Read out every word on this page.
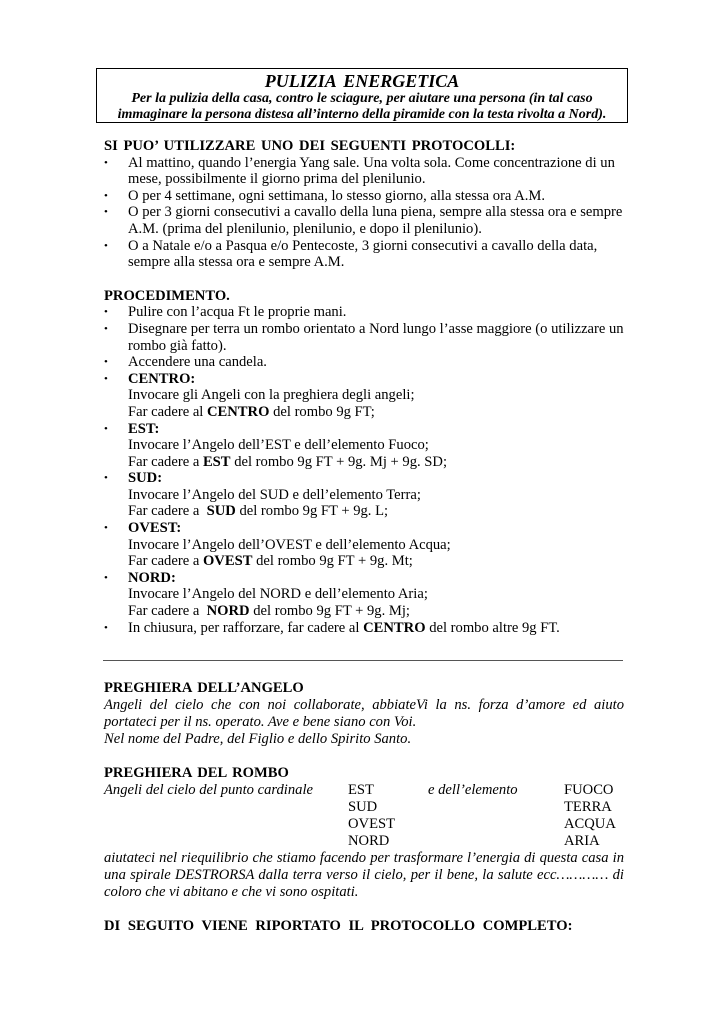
PULIZIA ENERGETICA
Per la pulizia della casa, contro le sciagure, per aiutare una persona (in tal caso
immaginare la persona distesa all’interno della piramide con la testa rivolta a Nord).
SI PUO’ UTILIZZARE UNO DEI SEGUENTI PROTOCOLLI:
• Al mattino, quando l’energia Yang sale. Una volta sola. Come concentrazione di un mese, possibilmente il giorno prima del plenilunio.
• O per 4 settimane, ogni settimana, lo stesso giorno, alla stessa ora A.M.
• O per 3 giorni consecutivi a cavallo della luna piena, sempre alla stessa ora e sempre A.M. (prima del plenilunio, plenilunio, e dopo il plenilunio).
• O a Natale e/o a Pasqua e/o Pentecoste, 3 giorni consecutivi a cavallo della data, sempre alla stessa ora e sempre A.M.
PROCEDIMENTO.
• Pulire con l’acqua Ft le proprie mani.
• Disegnare per terra un rombo orientato a Nord lungo l’asse maggiore (o utilizzare un rombo già fatto).
• Accendere una candela.
• CENTRO:
Invocare gli Angeli con la preghiera degli angeli;
Far cadere al CENTRO del rombo 9g FT;
• EST:
Invocare l’Angelo dell’EST e dell’elemento Fuoco;
Far cadere a EST del rombo 9g FT + 9g. Mj + 9g. SD;
• SUD:
Invocare l’Angelo del SUD e dell’elemento Terra;
Far cadere a  SUD del rombo 9g FT + 9g. L;
• OVEST:
Invocare l’Angelo dell’OVEST e dell’elemento Acqua;
Far cadere a OVEST del rombo 9g FT + 9g. Mt;
• NORD:
Invocare l’Angelo del NORD e dell’elemento Aria;
Far cadere a  NORD del rombo 9g FT + 9g. Mj;
• In chiusura, per rafforzare, far cadere al CENTRO del rombo altre 9g FT.
PREGHIERA DELL’ANGELO
Angeli del cielo che con noi collaborate, abbiateVi la ns. forza d’amore ed aiuto
portateci per il ns. operato. Ave e bene siano con Voi.
Nel nome del Padre, del Figlio e dello Spirito Santo.
PREGHIERA DEL ROMBO
Angeli del cielo del punto cardinale	EST	e dell’elemento	FUOCO
SUD	TERRA
OVEST	ACQUA
NORD	ARIA
aiutateci nel riequilibrio che stiamo facendo per trasformare l’energia di questa casa in
una spirale DESTRORSA dalla terra verso il cielo, per il bene, la salute ecc………… di
coloro che vi abitano e che vi sono ospitati.
DI SEGUITO VIENE RIPORTATO IL PROTOCOLLO COMPLETO:
